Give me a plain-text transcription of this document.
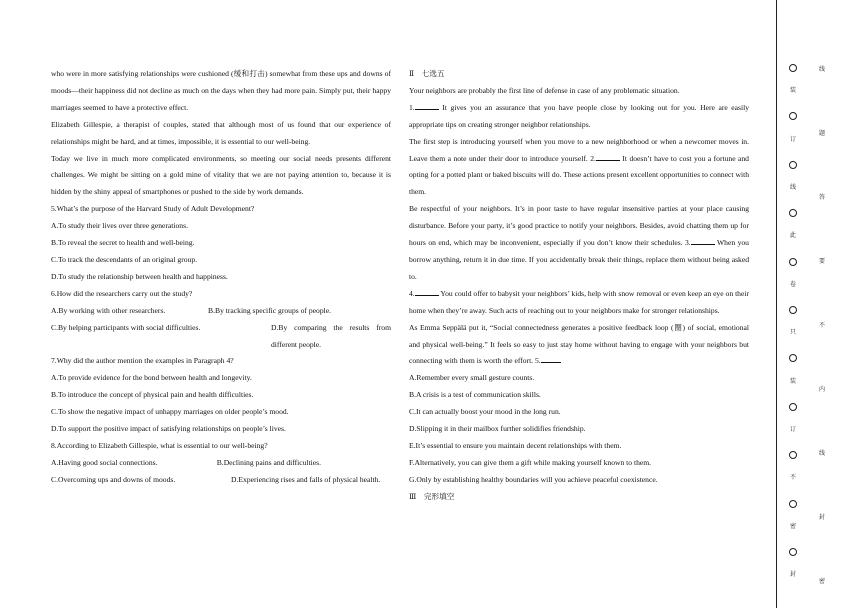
who were in more satisfying relationships were cushioned (缓和打击) somewhat from these ups and downs of moods—their happiness did not decline as much on the days when they had more pain. Simply put, their happy marriages seemed to have a protective effect.

Elizabeth Gillespie, a therapist of couples, stated that although most of us found that our experience of relationships might be hard, and at times, impossible, it is essential to our well-being.

Today we live in much more complicated environments, so meeting our social needs presents different challenges. We might be sitting on a gold mine of vitality that we are not paying attention to, because it is hidden by the shiny appeal of smartphones or pushed to the side by work demands.

5.What’s the purpose of the Harvard Study of Adult Development?
A.To study their lives over three generations.
B.To reveal the secret to health and well-being.
C.To track the descendants of an original group.
D.To study the relationship between health and happiness.
6.How did the researchers carry out the study?
A.By working with other researchers.	B.By tracking specific groups of people.
C.By helping participants with social difficulties.	D.By comparing the results from different people.
7.Why did the author mention the examples in Paragraph 4?
A.To provide evidence for the bond between health and longevity.
B.To introduce the concept of physical pain and health difficulties.
C.To show the negative impact of unhappy marriages on older people’s mood.
D.To support the positive impact of satisfying relationships on people’s lives.
8.According to Elizabeth Gillespie, what is essential to our well-being?
A.Having good social connections.	B.Declining pains and difficulties.
C.Overcoming ups and downs of moods.	D.Experiencing rises and falls of physical health.

Ⅱ　七选五

Your neighbors are probably the first line of defense in case of any problematic situation.

1.	It gives you an assurance that you have people close by looking out for you. Here are easily appropriate tips on creating stronger neighbor relationships.

The first step is introducing yourself when you move to a new neighborhood or when a newcomer moves in. Leave them a note under their door to introduce yourself. 2.	It doesn’t have to cost you a fortune and opting for a potted plant or baked biscuits will do. These actions present excellent opportunities to connect with them.

Be respectful of your neighbors. It’s in poor taste to have regular insensitive parties at your place causing disturbance. Before your party, it’s good practice to notify your neighbors. Besides, avoid chatting them up for hours on end, which may be inconvenient, especially if you don’t know their schedules. 3.	When you borrow anything, return it in due time. If you accidentally break their things, replace them without being asked to.

4.	You could offer to babysit your neighbors’ kids, help with snow removal or even keep an eye on their home when they’re away. Such acts of reaching out to your neighbors make for stronger relationships.

As Emma Seppälä put it, “Social connectedness generates a positive feedback loop (圈) of social, emotional and physical well-being.” It feels so easy to just stay home without having to engage with your neighbors but connecting with them is worth the effort. 5.

A.Remember every small gesture counts.
B.A crisis is a test of communication skills.
C.It can actually boost your mood in the long run.
D.Slipping it in their mailbox further solidifies friendship.
E.It’s essential to ensure you maintain decent relationships with them.
F.Alternatively, you can give them a gift while making yourself known to them.
G.Only by establishing healthy boundaries will you achieve peaceful coexistence.

Ⅲ　完形填空

装
订
线
此
卷
只
装
订
不
密
封
线
题
答
要
不
内
线
封
密
